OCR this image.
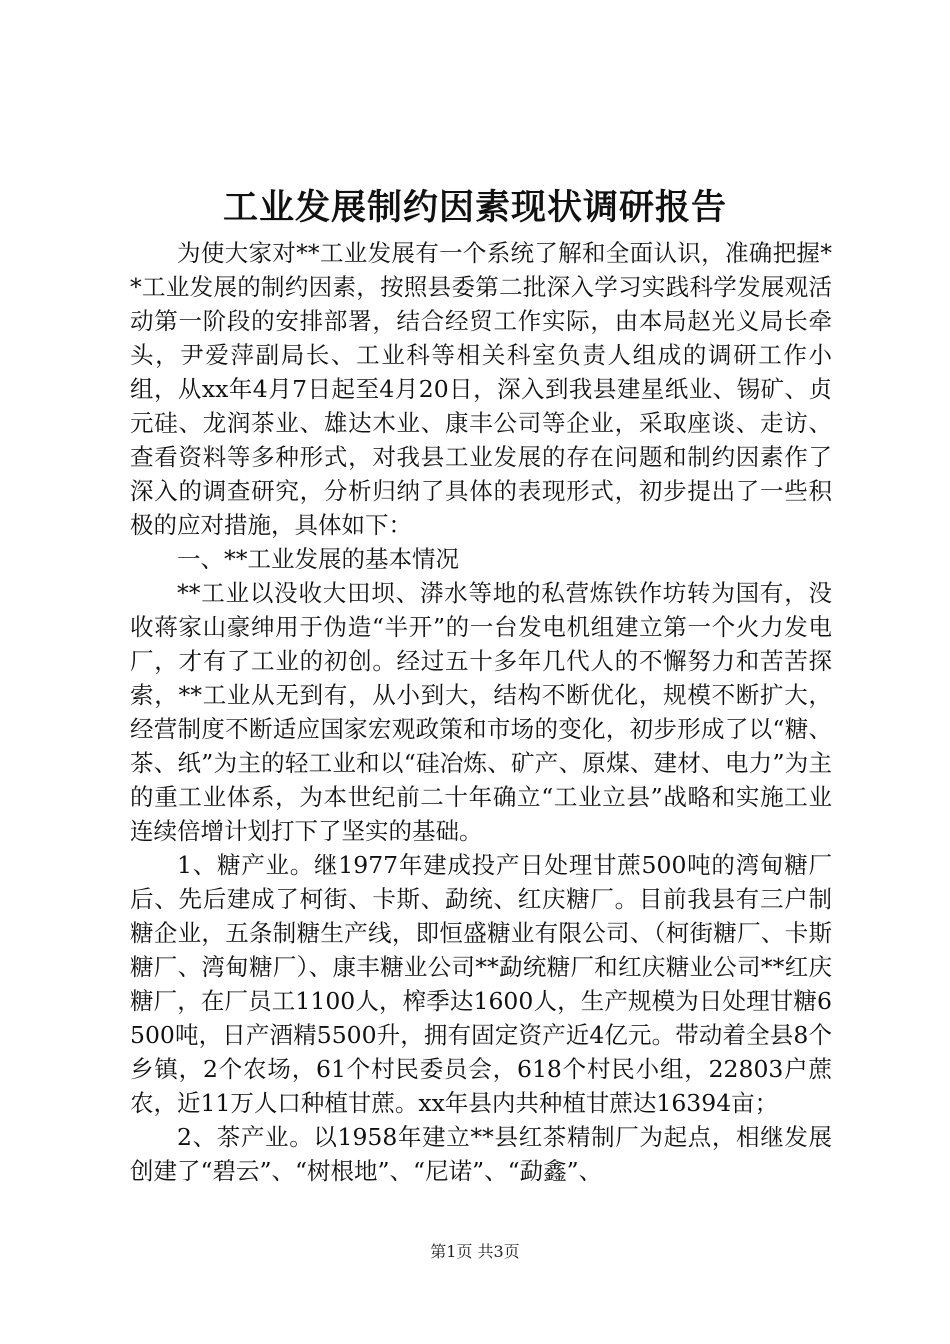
工业发展制约因素现状调研报告

为使大家对**工业发展有一个系统了解和全面认识，准确把握**工业发展的制约因素，按照县委第二批深入学习实践科学发展观活动第一阶段的安排部署，结合经贸工作实际，由本局赵光义局长牵头，尹爱萍副局长、工业科等相关科室负责人组成的调研工作小组，从xx年4月7日起至4月20日，深入到我县建星纸业、锡矿、贞元硅、龙润茶业、雄达木业、康丰公司等企业，采取座谈、走访、查看资料等多种形式，对我县工业发展的存在问题和制约因素作了深入的调查研究，分析归纳了具体的表现形式，初步提出了一些积极的应对措施，具体如下：

一、**工业发展的基本情况

**工业以没收大田坝、漭水等地的私营炼铁作坊转为国有，没收蒋家山豪绅用于伪造“半开”的一台发电机组建立第一个火力发电厂，才有了工业的初创。经过五十多年几代人的不懈努力和苦苦探索，**工业从无到有，从小到大，结构不断优化，规模不断扩大，经营制度不断适应国家宏观政策和市场的变化，初步形成了以“糖、茶、纸”为主的轻工业和以“硅冶炼、矿产、原煤、建材、电力”为主的重工业体系，为本世纪前二十年确立“工业立县”战略和实施工业连续倍增计划打下了坚实的基础。

1、糖产业。继1977年建成投产日处理甘蔗500吨的湾甸糖厂后、先后建成了柯街、卡斯、勐统、红庆糖厂。目前我县有三户制糖企业，五条制糖生产线，即恒盛糖业有限公司、（柯街糖厂、卡斯糖厂、湾甸糖厂）、康丰糖业公司**勐统糖厂和红庆糖业公司**红庆糖厂，在厂员工1100人，榨季达1600人，生产规模为日处理甘糖6500吨，日产酒精5500升，拥有固定资产近4亿元。带动着全县8个乡镇，2个农场，61个村民委员会，618个村民小组，22803户蔗农，近11万人口种植甘蔗。xx年县内共种植甘蔗达16394亩；

2、茶产业。以1958年建立**县红茶精制厂为起点，相继发展创建了“碧云”、“树根地”、“尼诺”、“勐鑫”、

第1页 共3页
